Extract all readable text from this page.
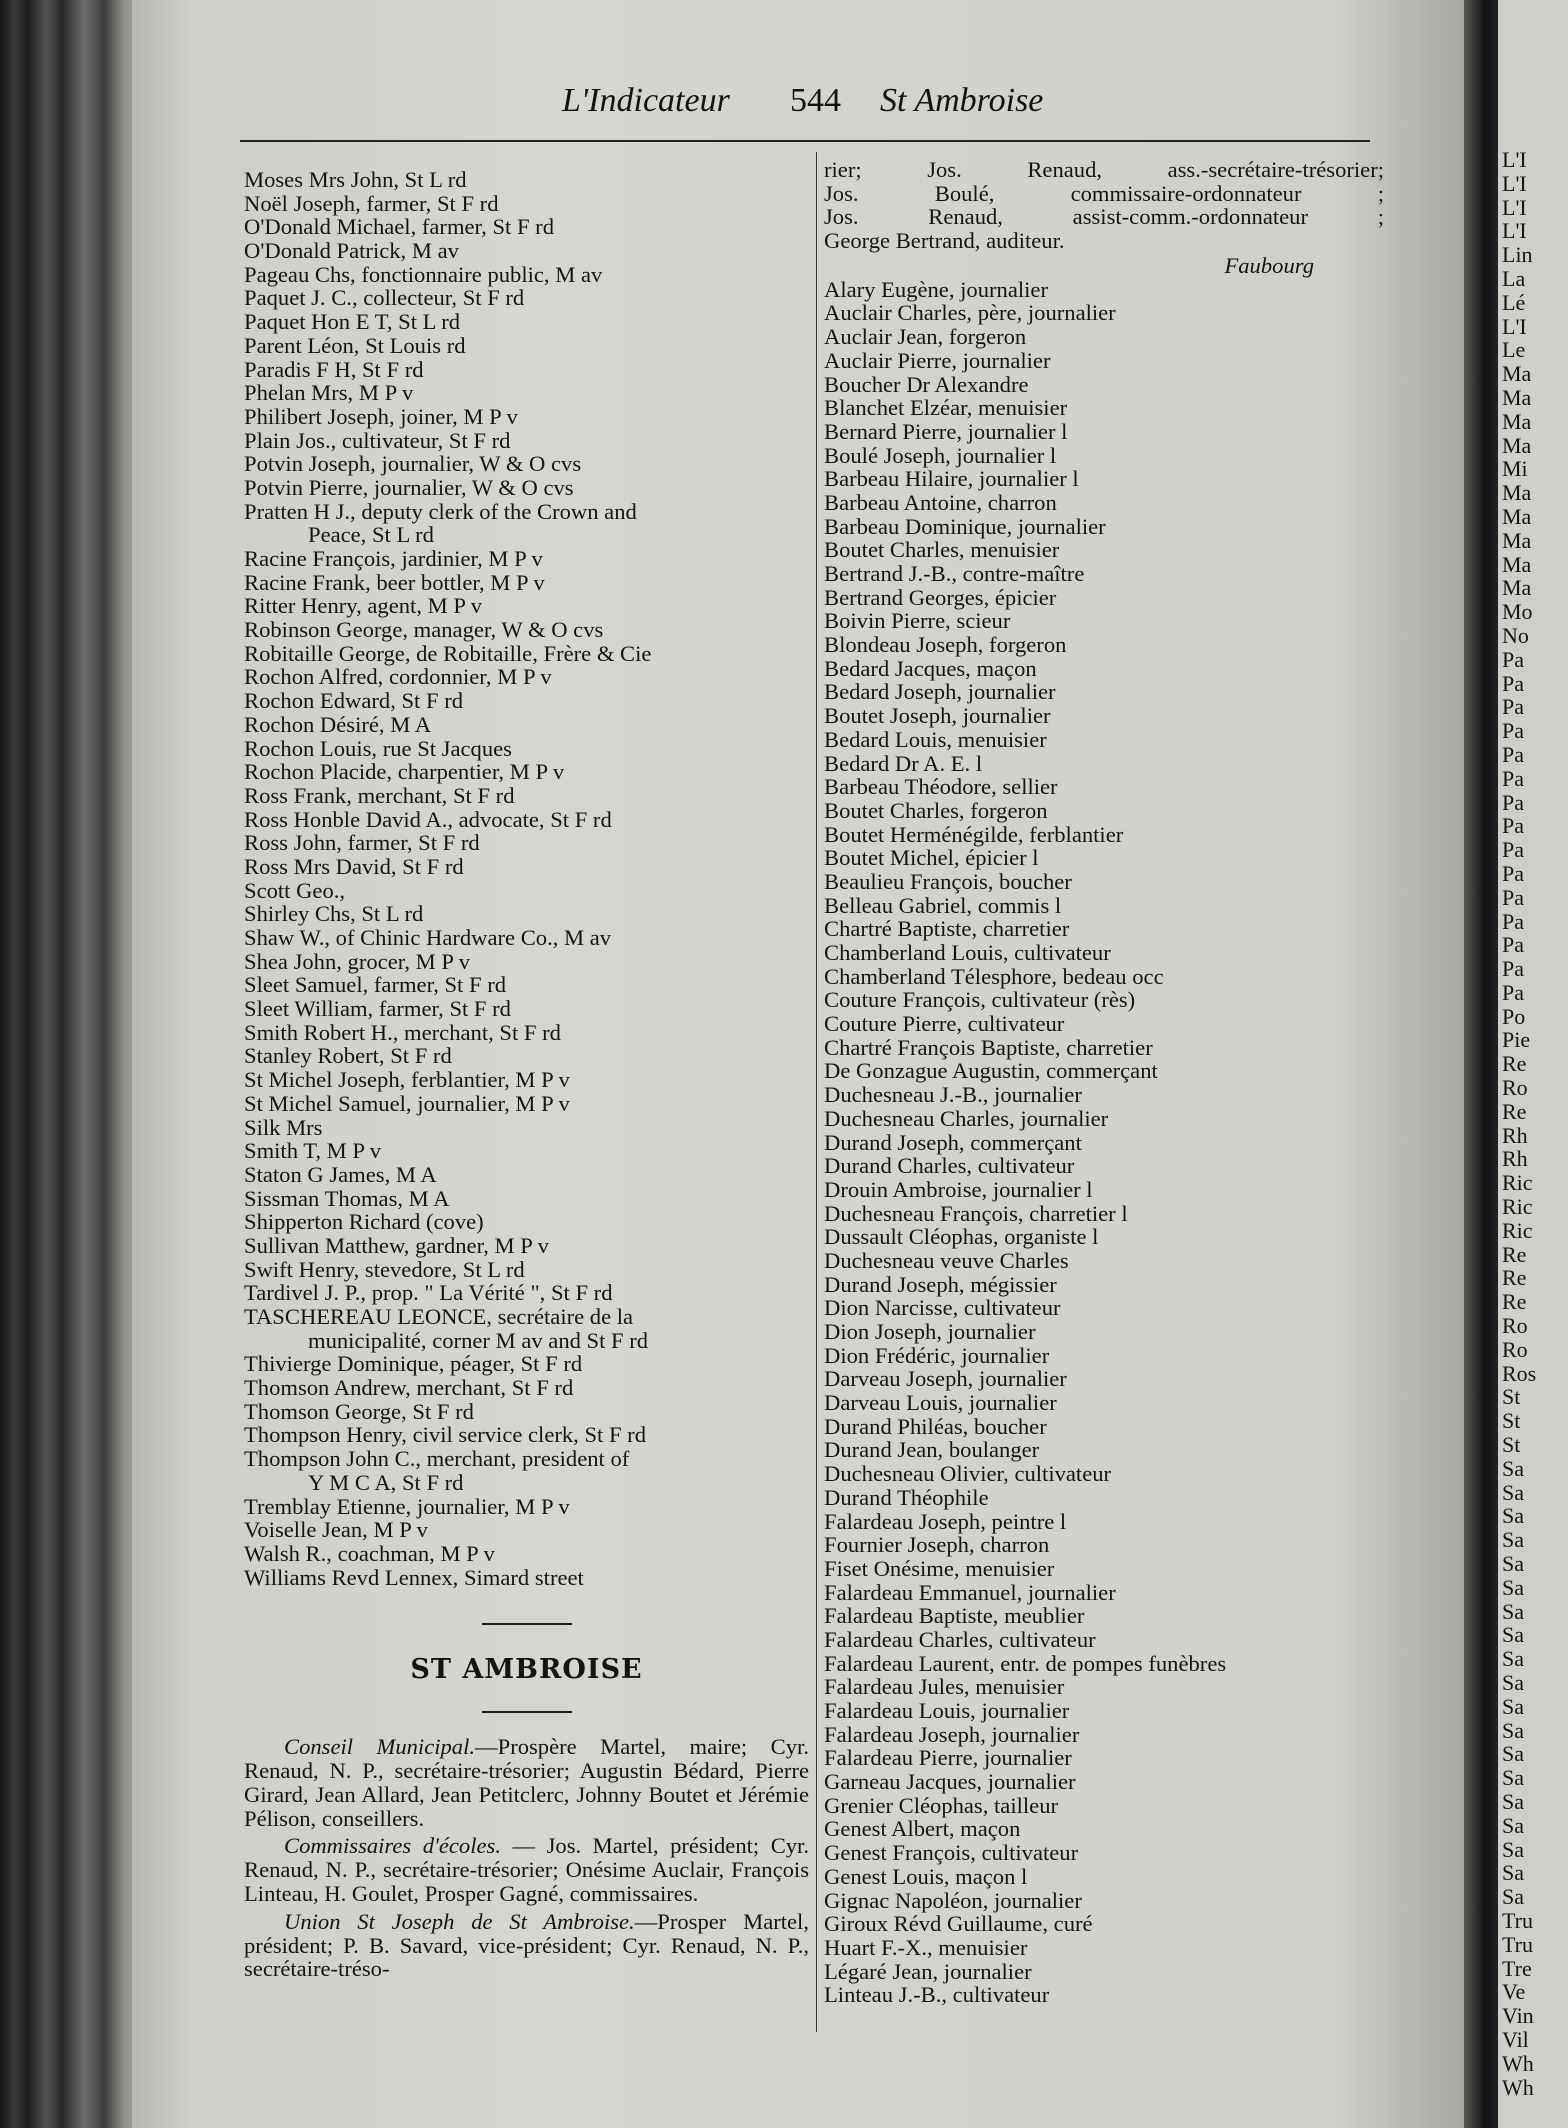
L'Indicateur 544 St Ambroise
Moses Mrs John, St L rd
Noël Joseph, farmer, St F rd
O'Donald Michael, farmer, St F rd
O'Donald Patrick, M av
Pageau Chs, fonctionnaire public, M av
Paquet J. C., collecteur, St F rd
Paquet Hon E T, St L rd
Parent Léon, St Louis rd
Paradis F H, St F rd
Phelan Mrs, M P v
Philibert Joseph, joiner, M P v
Plain Jos., cultivateur, St F rd
Potvin Joseph, journalier, W & O cvs
Potvin Pierre, journalier, W & O cvs
Pratten H J., deputy clerk of the Crown and
Peace, St L rd
Racine François, jardinier, M P v
Racine Frank, beer bottler, M P v
Ritter Henry, agent, M P v
Robinson George, manager, W & O cvs
Robitaille George, de Robitaille, Frère & Cie
Rochon Alfred, cordonnier, M P v
Rochon Edward, St F rd
Rochon Désiré, M A
Rochon Louis, rue St Jacques
Rochon Placide, charpentier, M P v
Ross Frank, merchant, St F rd
Ross Honble David A., advocate, St F rd
Ross John, farmer, St F rd
Ross Mrs David, St F rd
Scott Geo.,
Shirley Chs, St L rd
Shaw W., of Chinic Hardware Co., M av
Shea John, grocer, M P v
Sleet Samuel, farmer, St F rd
Sleet William, farmer, St F rd
Smith Robert H., merchant, St F rd
Stanley Robert, St F rd
St Michel Joseph, ferblantier, M P v
St Michel Samuel, journalier, M P v
Silk Mrs
Smith T, M P v
Staton G James, M A
Sissman Thomas, M A
Shipperton Richard (cove)
Sullivan Matthew, gardner, M P v
Swift Henry, stevedore, St L rd
Tardivel J. P., prop. " La Vérité ", St F rd
TASCHEREAU LEONCE, secrétaire de la
municipalité, corner M av and St F rd
Thivierge Dominique, péager, St F rd
Thomson Andrew, merchant, St F rd
Thomson George, St F rd
Thompson Henry, civil service clerk, St F rd
Thompson John C., merchant, president of
Y M C A, St F rd
Tremblay Etienne, journalier, M P v
Voiselle Jean, M P v
Walsh R., coachman, M P v
Williams Revd Lennex, Simard street
ST AMBROISE

Conseil Municipal.—Prospère Martel, maire; Cyr. Renaud, N. P., secrétaire-trésorier; Augustin Bédard, Pierre Girard, Jean Allard, Jean Petitclerc, Johnny Boutet et Jérémie Pélison, conseillers.

Commissaires d'écoles. — Jos. Martel, président; Cyr. Renaud, N. P., secrétaire-trésorier; Onésime Auclair, François Linteau, H. Goulet, Prosper Gagné, commissaires.

Union St Joseph de St Ambroise.—Prosper Martel, président; P. B. Savard, vice-président; Cyr. Renaud, N. P., secrétaire-tréso-

rier; Jos. Renaud, ass.-secrétaire-trésorier;
Jos. Boulé, commissaire-ordonnateur ;
Jos. Renaud, assist-comm.-ordonnateur ;
George Bertrand, auditeur.
Faubourg
Alary Eugène, journalier
Auclair Charles, père, journalier
Auclair Jean, forgeron
Auclair Pierre, journalier
Boucher Dr Alexandre
Blanchet Elzéar, menuisier
Bernard Pierre, journalier l
Boulé Joseph, journalier l
Barbeau Hilaire, journalier l
Barbeau Antoine, charron
Barbeau Dominique, journalier
Boutet Charles, menuisier
Bertrand J.-B., contre-maître
Bertrand Georges, épicier
Boivin Pierre, scieur
Blondeau Joseph, forgeron
Bedard Jacques, maçon
Bedard Joseph, journalier
Boutet Joseph, journalier
Bedard Louis, menuisier
Bedard Dr A. E. l
Barbeau Théodore, sellier
Boutet Charles, forgeron
Boutet Herménégilde, ferblantier
Boutet Michel, épicier l
Beaulieu François, boucher
Belleau Gabriel, commis l
Chartré Baptiste, charretier
Chamberland Louis, cultivateur
Chamberland Télesphore, bedeau occ
Couture François, cultivateur (rès)
Couture Pierre, cultivateur
Chartré François Baptiste, charretier
De Gonzague Augustin, commerçant
Duchesneau J.-B., journalier
Duchesneau Charles, journalier
Durand Joseph, commerçant
Durand Charles, cultivateur
Drouin Ambroise, journalier l
Duchesneau François, charretier l
Dussault Cléophas, organiste l
Duchesneau veuve Charles
Durand Joseph, mégissier
Dion Narcisse, cultivateur
Dion Joseph, journalier
Dion Frédéric, journalier
Darveau Joseph, journalier
Darveau Louis, journalier
Durand Philéas, boucher
Durand Jean, boulanger
Duchesneau Olivier, cultivateur
Durand Théophile
Falardeau Joseph, peintre l
Fournier Joseph, charron
Fiset Onésime, menuisier
Falardeau Emmanuel, journalier
Falardeau Baptiste, meublier
Falardeau Charles, cultivateur
Falardeau Laurent, entr. de pompes funèbres
Falardeau Jules, menuisier
Falardeau Louis, journalier
Falardeau Joseph, journalier
Falardeau Pierre, journalier
Garneau Jacques, journalier
Grenier Cléophas, tailleur
Genest Albert, maçon
Genest François, cultivateur
Genest Louis, maçon l
Gignac Napoléon, journalier
Giroux Révd Guillaume, curé
Huart F.-X., menuisier
Légaré Jean, journalier
Linteau J.-B., cultivateur
L'I
L'I
L'I
L'I
Lin
La
Lé
L'I
Le
Ma
Ma
Ma
Ma
Mi
Ma
Ma
Ma
Ma
Ma
Mo
No
Pa
Pa
Pa
Pa
Pa
Pa
Pa
Pa
Pa
Pa
Pa
Pa
Pa
Pa
Pa
Po
Pie
Re
Ro
Re
Rh
Rh
Ric
Ric
Ric
Re
Re
Re
Ro
Ro
Ros
St
St
St
Sa
Sa
Sa
Sa
Sa
Sa
Sa
Sa
Sa
Sa
Sa
Sa
Sa
Sa
Sa
Sa
Sa
Sa
Sa
Tru
Tru
Tre
Ve
Vin
Vil
Wh
Wh
